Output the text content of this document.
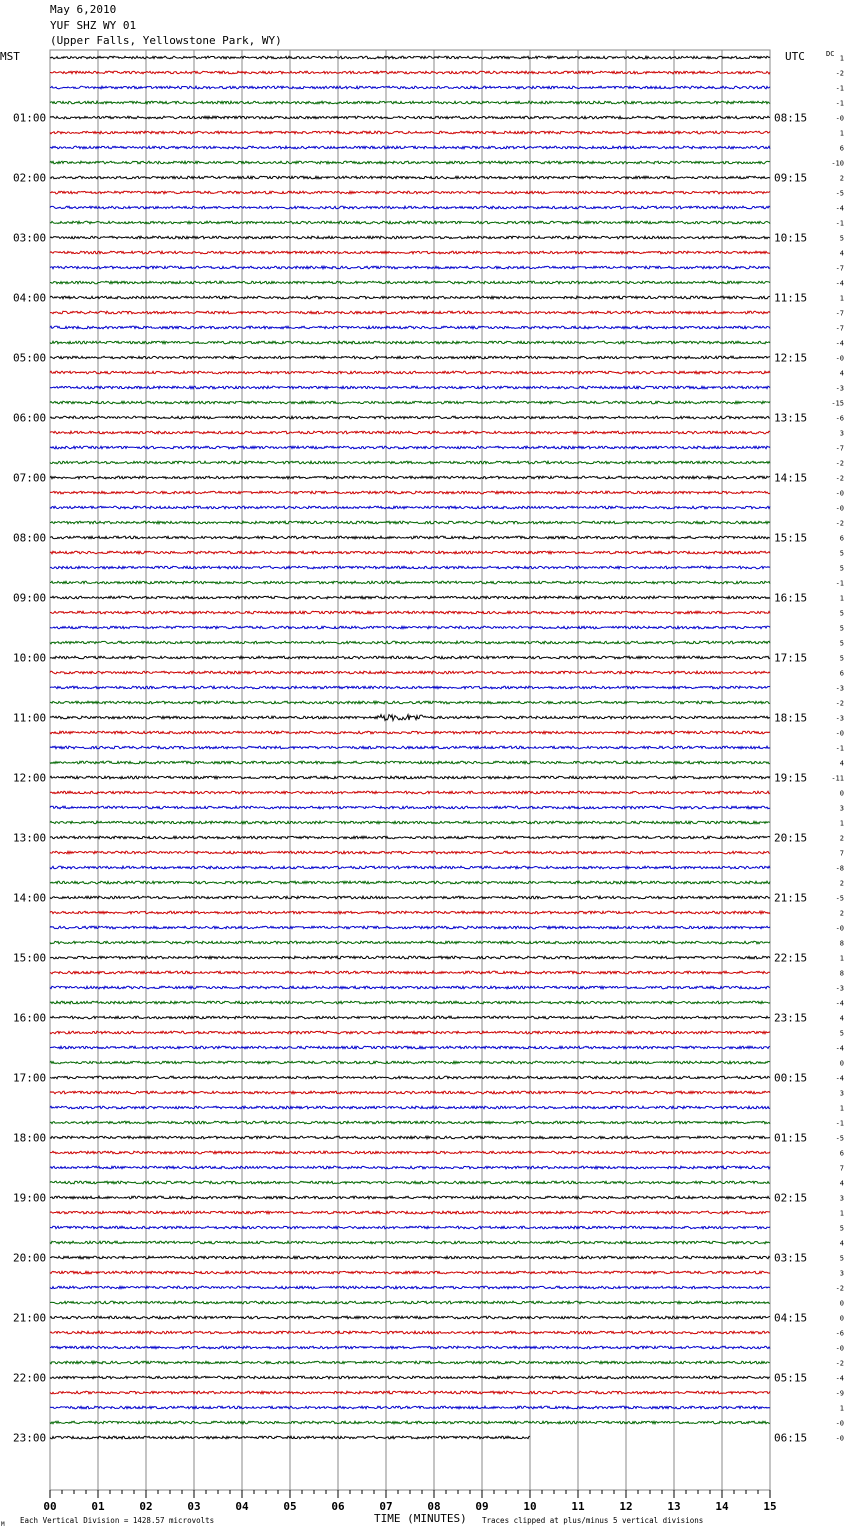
May 6,2010
YUF SHZ WY 01
(Upper Falls, Yellowstone Park, WY)
01:00
02:00
03:00
04:00
05:00
06:00
07:00
08:00
09:00
10:00
11:00
12:00
13:00
14:00
15:00
16:00
17:00
18:00
19:00
20:00
21:00
22:00
23:00
08:15
09:15
10:15
11:15
12:15
13:15
14:15
15:15
16:15
17:15
18:15
19:15
20:15
21:15
22:15
23:15
00:15
01:15
02:15
03:15
04:15
05:15
06:15
1
-2
-1
-1
-0
1
6
-10
2
-5
-4
-1
5
4
-7
-4
1
-7
-7
-4
-0
4
-3
-15
-6
3
-7
-2
-2
-0
-0
-2
6
5
5
-1
1
5
5
5
5
6
-3
-2
-3
-0
-1
4
-11
0
3
1
2
7
-8
2
-5
2
-0
8
1
8
-3
-4
4
5
-4
0
-4
3
1
-1
-5
6
7
4
3
1
5
4
5
3
-2
0
0
-6
-0
-2
-4
-9
1
-0
-0
00	01	02	03	04	05	06	07	08	09	10	11	12	13	14	15
MST	UTC	DC
TIME (MINUTES)
Each Vertical Division = 1428.57 microvolts	Traces clipped at plus/minus 5 vertical divisions
M
